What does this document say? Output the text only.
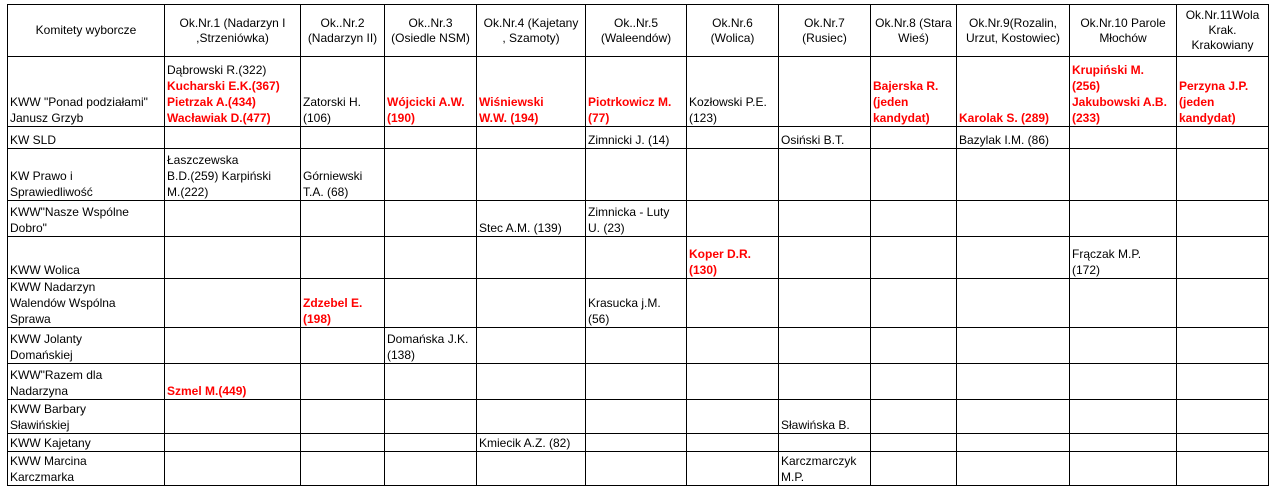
Komitety wyborcze	Ok.Nr.1 (Nadarzyn I
,Strzeniówka)	Ok..Nr.2
(Nadarzyn II)	Ok..Nr.3
(Osiedle NSM)	Ok.Nr.4 (Kajetany
, Szamoty)	Ok..Nr.5
(Waleendów)	Ok.Nr.6
(Wolica)	Ok.Nr.7
(Rusiec)	Ok.Nr.8 (Stara
Wieś)	Ok.Nr.9(Rozalin,
Urzut, Kostowiec)	Ok.Nr.10 Parole
Młochów	Ok.Nr.11Wola
Krak.
Krakowiany

KWW "Ponad podziałami"
Janusz Grzyb	Dąbrowski R.(322)
Kucharski E.K.(367)
Pietrzak A.(434)
Wacławiak D.(477)	Zatorski H.
(106)	Wójcicki A.W.
(190)	Wiśniewski
W.W. (194)	Piotrkowicz M.
(77)	Kozłowski P.E.
(123)		Bajerska R.
(jeden
kandydat)	Karolak S. (289)	Krupiński M.
(256)
Jakubowski A.B.
(233)	Perzyna J.P.
(jeden
kandydat)

KW SLD					Zimnicki J. (14)		Osiński B.T.		Bazylak I.M. (86)		

KW Prawo i
Sprawiedliwość	Łaszczewska
B.D.(259) Karpiński
M.(222)	Górniewski
T.A. (68)									

KWW"Nasze Wspólne
Dobro"				Stec A.M. (139)	Zimnicka - Luty
U. (23)						

KWW Wolica						Koper D.R.
(130)				Frączak M.P.
(172)	

KWW Nadarzyn
Walendów Wspólna
Sprawa		Zdzebel E.
(198)			Krasucka j.M.
(56)						

KWW Jolanty
Domańskiej			Domańska J.K.
(138)								

KWW"Razem dla
Nadarzyna	Szmel M.(449)										

KWW Barbary
Sławińskiej							Sławińska B.				

KWW Kajetany				Kmiecik A.Z. (82)							

KWW Marcina
Karczmarka							Karczmarczyk
M.P.				
